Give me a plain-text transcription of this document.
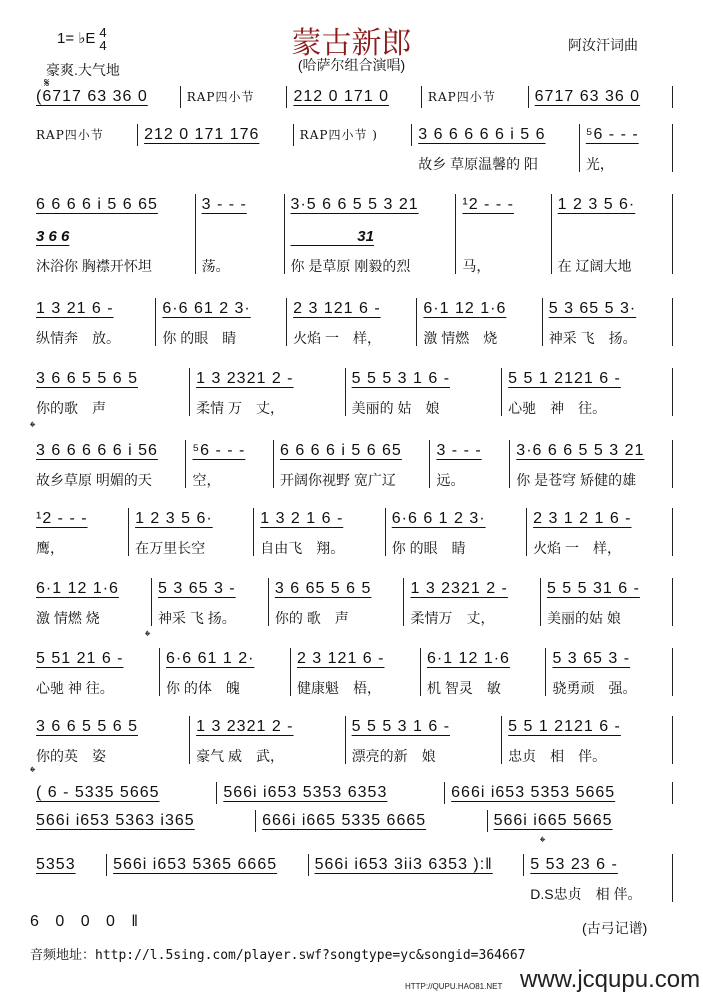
蒙古新郎
(哈萨尔组合演唱)
1= ♭E 4
4
豪爽.大气地
阿汝汗词曲
𝄋
(6717 63 36 0	RAP四小节	212 0 171 0	RAP四小节	6717 63 36 0
RAP四小节	212 0 171 176	RAP四小节 )	3 6 6 6 6 6 i 5 6
故乡 草原温馨的 阳
⁵6 - - -
光，
6 6 6 6 i 5 6 65
3 6 6
沐浴你 胸襟开怀坦
3 - - -
荡。
3·5 6 6 5 5 3 21
31
你 是草原 刚毅的烈
¹2 - - -
马，
1 2 3 5 6·
在 辽阔大地
1 3 21 6 -
纵情奔　放。
6·6 61 2 3·
你 的眼　睛
2 3 121 6 -
火焰 一　样，
6·1 12 1·6
激 情燃　烧
5 3 65 5 3·
神采 飞　扬。
3 6 6 5 5 6 5
你的歌　声
1 3 2321 2 -
柔情 万　丈，
5 5 5 3 1 6 -
美丽的 姑　娘
5 5 1 2121 6 -
心驰　神　往。
3 6 6 6 6 6 i 56
故乡草原 明媚的天
⁵6 - - -
空，
6 6 6 6 i 5 6 65
开阔你视野 宽广辽
3 - - -
远。
3·6 6 6 5 5 3 21
你 是苍穹 矫健的雄
¹2 - - -
鹰，
1 2 3 5 6·
在万里长空
1 3 2 1 6 -
自由飞　翔。
6·6 6 1 2 3·
你 的眼　睛
2 3 1 2 1 6 -
火焰 一　样，
6·1 12 1·6
激 情燃 烧
5 3 65 3 -
神采 飞 扬。
3 6 65 5 6 5
你的 歌　声
1 3 2321 2 -
柔情万　丈，
5 5 5 31 6 -
美丽的姑 娘
5 51 21 6 -
心驰 神 往。
6·6 61 1 2·
你 的体　魄
2 3 121 6 -
健康魁　梧，
6·1 12 1·6
机 智灵　敏
5 3 65 3 -
骁勇顽　强。
3 6 6 5 5 6 5
你的英　姿
1 3 2321 2 -
豪气 威　武，
5 5 5 3 1 6 -
漂亮的新　娘
5 5 1 2121 6 -
忠贞　相　伴。
( 6 - 5335 5665	566i i653 5353 6353	666i i653 5353 5665
566i i653 5363 i365	666i i665 5335 6665	566i i665 5665
5353	566i i653 5365 6665	566i i653 3ii3 6353 ):‖	5 53 23 6 -
D.S忠贞　相 伴。
𝄌
𝄌
𝄌
𝄌
6 0 0 0 ‖	(古弓记谱)
音频地址：http://l.5sing.com/player.swf?songtype=yc&songid=364667
www.jcqupu.com
HTTP://QUPU.HAO81.NET
